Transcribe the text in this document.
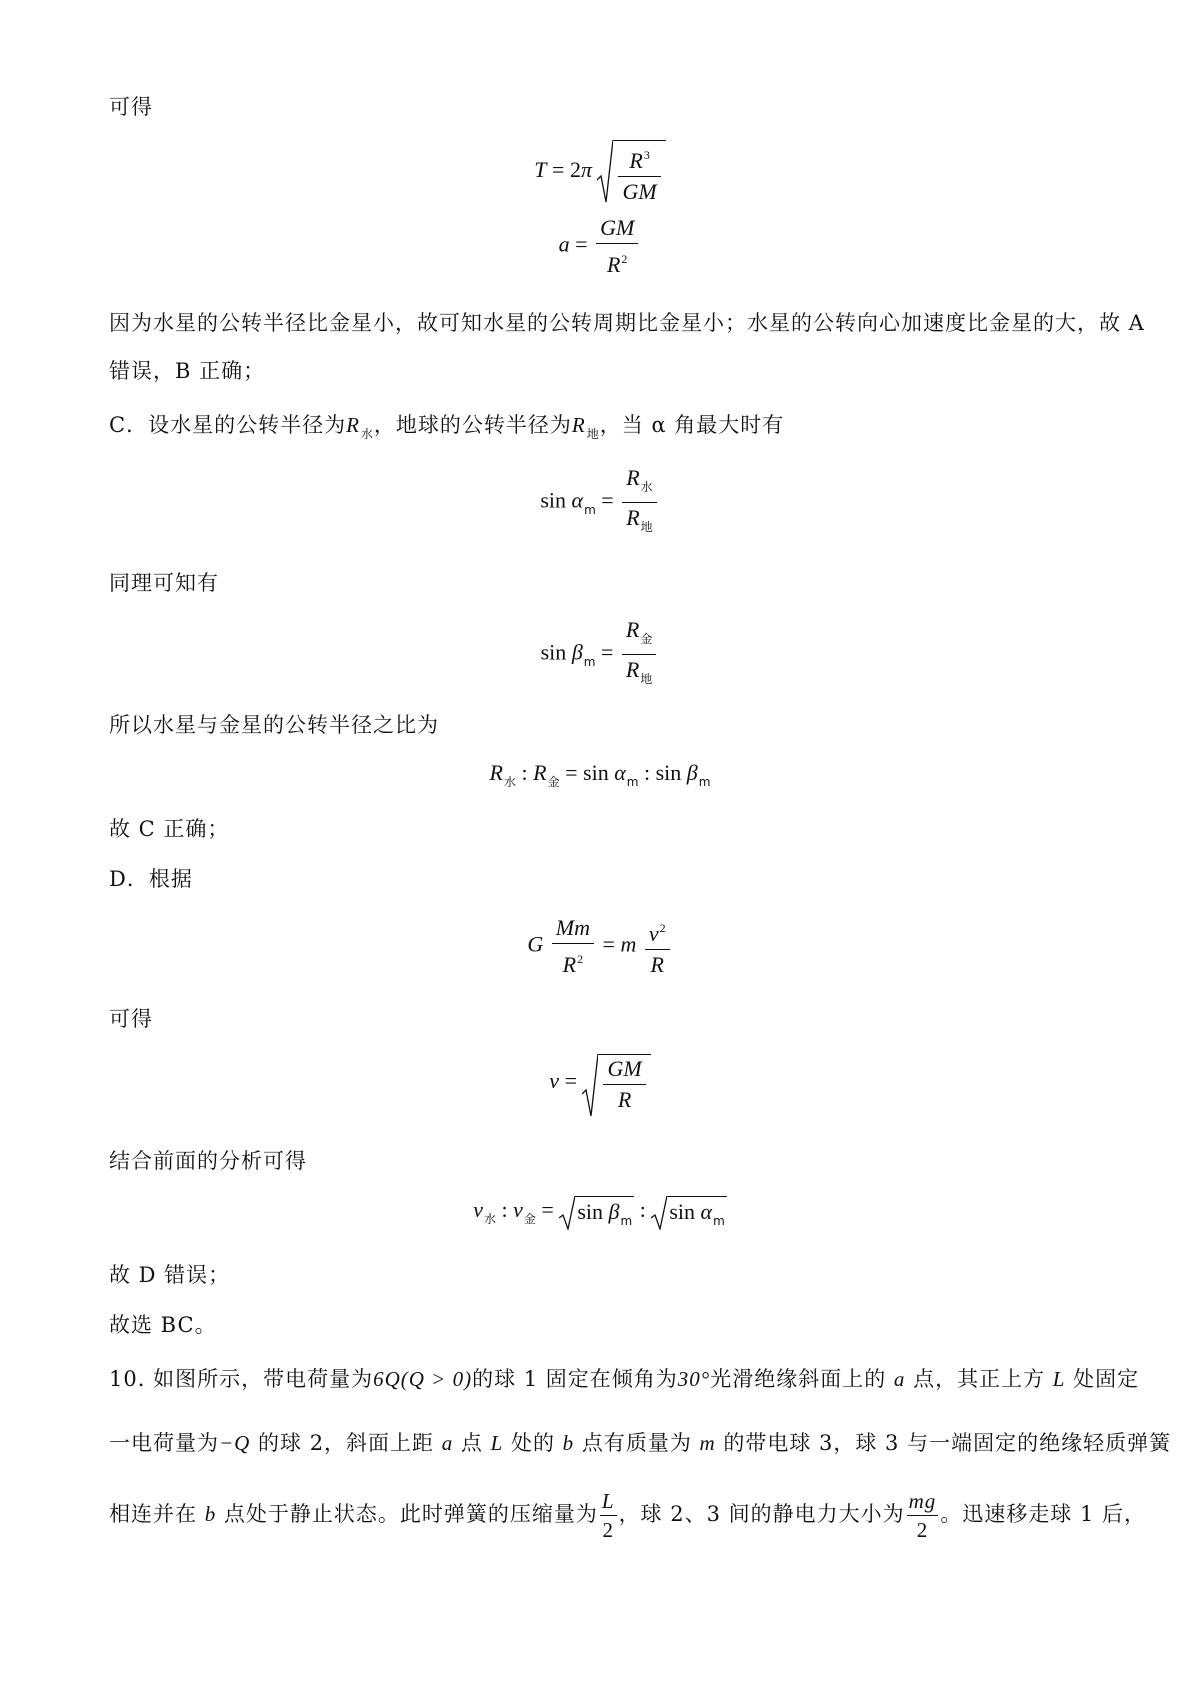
可得
$T = 2\pi \frac{R^3}{GM}$
$a = \frac{GM}{R^2}$
因为水星的公转半径比金星小，故可知水星的公转周期比金星小；水星的公转向心加速度比金星的大，故 A
错误，B 正确；
C．设水星的公转半径为$R_水$，地球的公转半径为$R_地$，当 α 角最大时有
$\sin \alpha_m = \frac{R_水}{R_地}$
同理可知有
$\sin \beta_m = \frac{R_金}{R_地}$
所以水星与金星的公转半径之比为
$R_水$ : $R_金 = \sin \alpha_m$ : $\sin \beta_m$
故 C 正确；
D．根据
G $\frac{Mm}{R^2} = m \frac{v^2}{R}$
可得
$v = \frac{GM}{R}$
结合前面的分析可得
$v_水$ : $v_金$ =
$\sin \beta_m$ :
$\sin \alpha_m$
故 D 错误；
故选 BC。
10. 如图所示，带电荷量为6Q(Q > 0)的球 1 固定在倾角为30°光滑绝缘斜面上的 a 点，其正上方 L 处固定
一电荷量为−Q 的球 2，斜面上距 a 点 L 处的 b 点有质量为 m 的带电球 3，球 3 与一端固定的绝缘轻质弹簧
相连并在 b 点处于静止状态。此时弹簧的压缩量为 $\frac{L}{2}$ ，球 2、3 间的静电力大小为 $\frac{mg}{2}$ 。迅速移走球 1 后，
